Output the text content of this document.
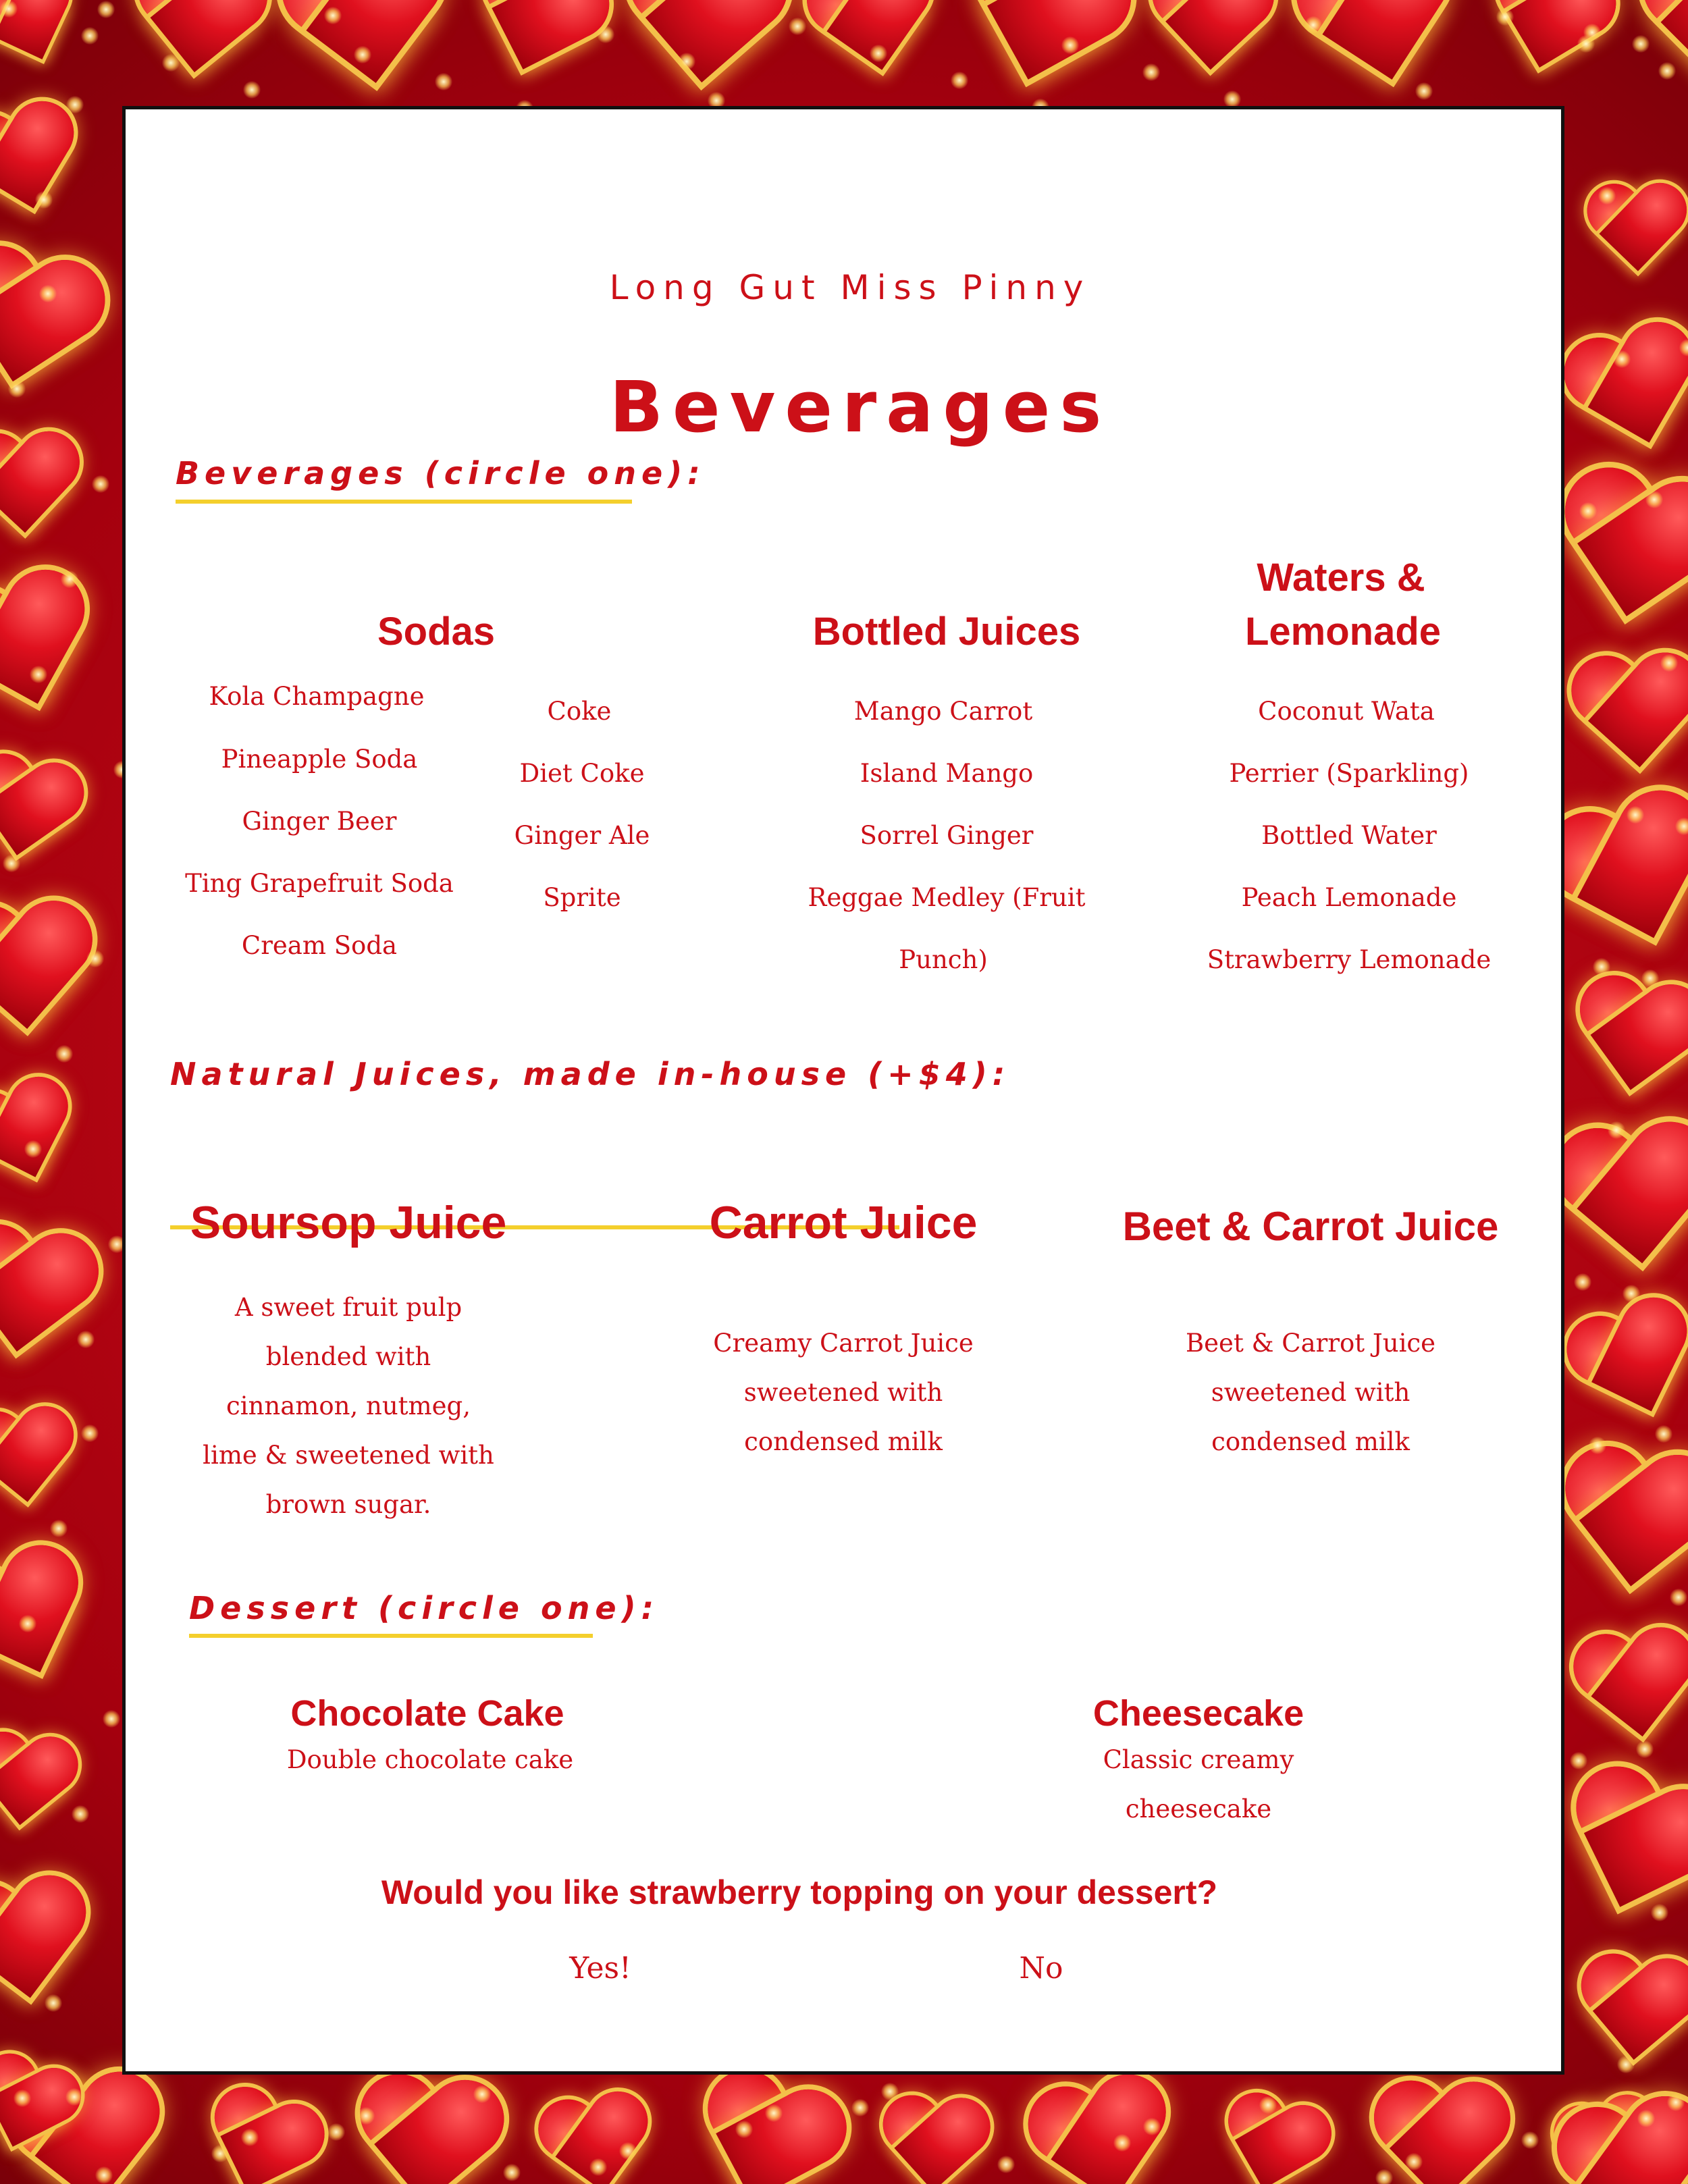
Long Gut Miss Pinny

Beverages

Beverages (circle one):

Sodas

Kola Champagne

Pineapple Soda

Ginger Beer

Ting Grapefruit Soda

Cream Soda

Coke

Diet Coke

Ginger Ale

Sprite

Bottled Juices

Mango Carrot

Island Mango

Sorrel Ginger

Reggae Medley (Fruit

Punch)

Waters &

Lemonade

Coconut Wata

Perrier (Sparkling)

Bottled Water

Peach Lemonade

Strawberry Lemonade

Natural Juices, made in-house (+$4):

Soursop Juice

A sweet fruit pulp

blended with

cinnamon, nutmeg,

lime & sweetened with

brown sugar.

Carrot Juice

Creamy Carrot Juice

sweetened with

condensed milk

Beet & Carrot Juice

Beet & Carrot Juice

sweetened with

condensed milk

Dessert (circle one):

Chocolate Cake

Double chocolate cake

Cheesecake

Classic creamy

cheesecake

Would you like strawberry topping on your dessert?

Yes!	No
